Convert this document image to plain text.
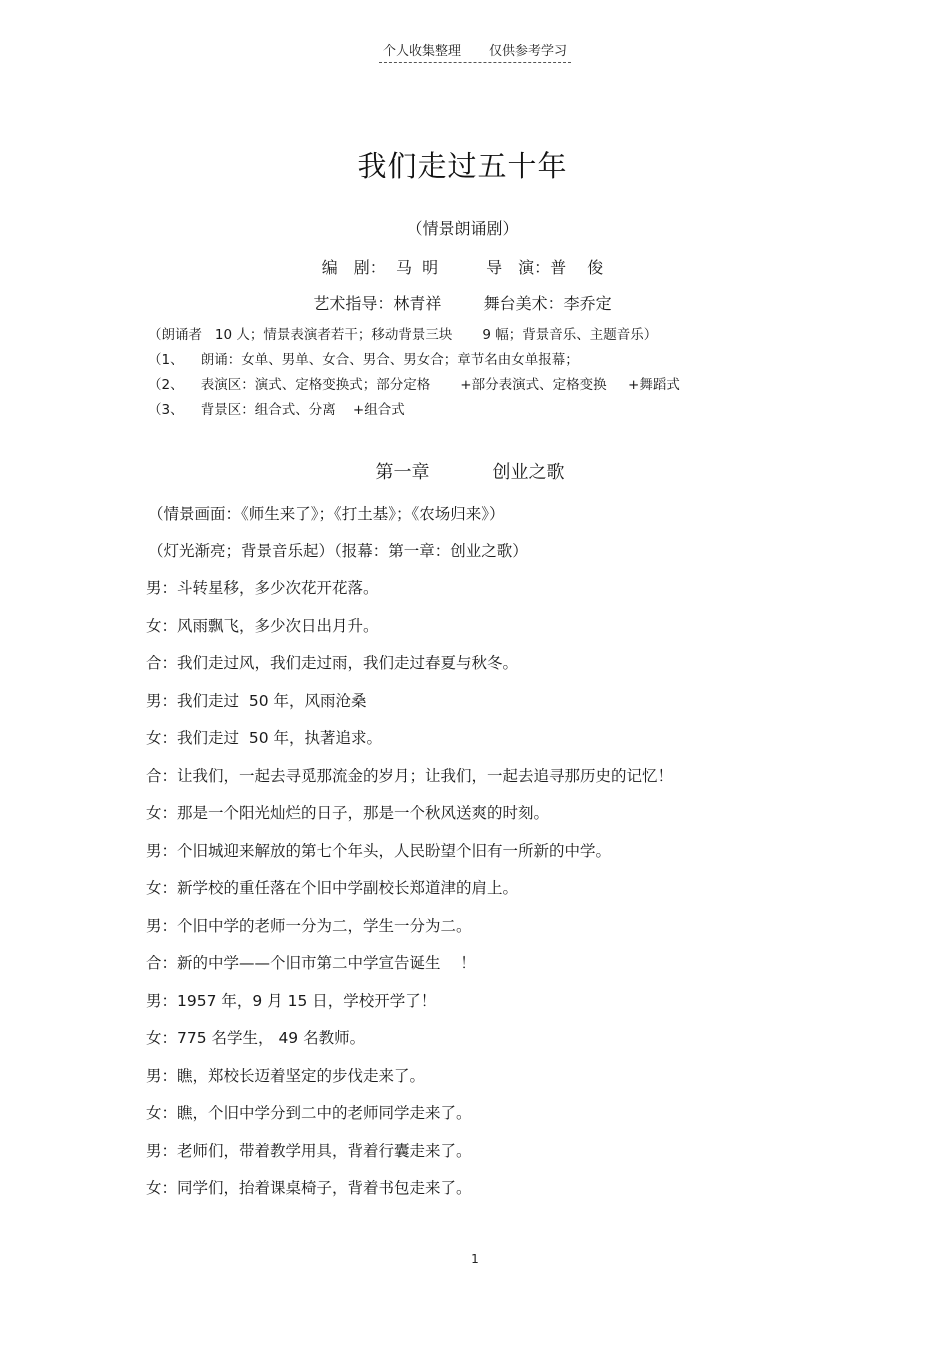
个人收集整理 仅供参考学习
我们走过五十年
（情景朗诵剧）
编　剧：  马  明　　　导　演：普　 俊
艺术指导：林青祥　　  舞台美术：李乔定
（朗诵者   10 人；情景表演者若干；移动背景三块       9 幅；背景音乐、主题音乐）
（1、    朗诵：女单、男单、女合、男合、男女合；章节名由女单报幕；
（2、    表演区：演式、定格变换式；部分定格       +部分表演式、定格变换     +舞蹈式
（3、    背景区：组合式、分离    +组合式
第一章	创业之歌
（情景画面：《师生来了》；《打土基》；《农场归来》）
（灯光渐亮；背景音乐起）（报幕：第一章：创业之歌）
男：斗转星移，多少次花开花落。
女：风雨飘飞，多少次日出月升。
合：我们走过风，我们走过雨，我们走过春夏与秋冬。
男：我们走过  50 年，风雨沧桑
女：我们走过  50 年，执著追求。
合：让我们，一起去寻觅那流金的岁月；让我们，一起去追寻那历史的记忆！
女：那是一个阳光灿烂的日子，那是一个秋风送爽的时刻。
男：个旧城迎来解放的第七个年头，人民盼望个旧有一所新的中学。
女：新学校的重任落在个旧中学副校长郑道津的肩上。
男：个旧中学的老师一分为二，学生一分为二。
合：新的中学——个旧市第二中学宣告诞生    ！
男：1957 年，9 月 15 日，学校开学了！
女：775 名学生， 49 名教师。
男：瞧，郑校长迈着坚定的步伐走来了。
女：瞧，个旧中学分到二中的老师同学走来了。
男：老师们，带着教学用具，背着行囊走来了。
女：同学们，抬着课桌椅子，背着书包走来了。
1
